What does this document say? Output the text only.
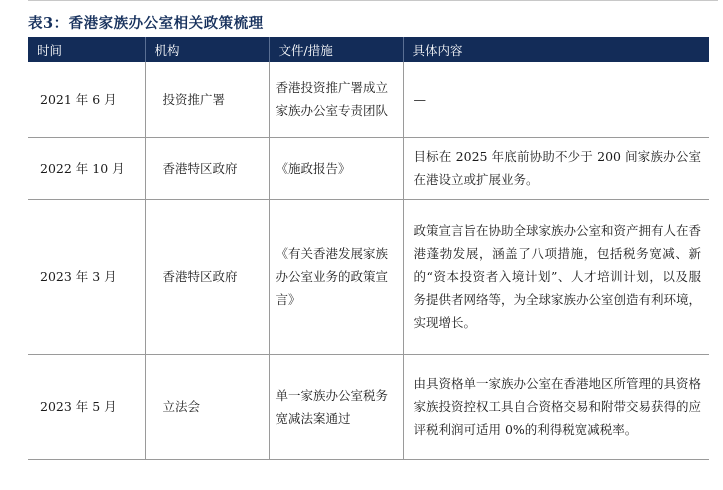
表3：香港家族办公室相关政策梳理
时间	机构	文件/措施	具体内容
2021 年 6 月	投资推广署	香港投资推广署成立家族办公室专责团队	—
2022 年 10 月	香港特区政府	《施政报告》	目标在 2025 年底前协助不少于 200 间家族办公室在港设立或扩展业务。
2023 年 3 月	香港特区政府	《有关香港发展家族办公室业务的政策宣言》	政策宣言旨在协助全球家族办公室和资产拥有人在香港蓬勃发展，涵盖了八项措施，包括税务宽减、新的“资本投资者入境计划”、人才培训计划，以及服务提供者网络等，为全球家族办公室创造有利环境，实现增长。
2023 年 5 月	立法会	单一家族办公室税务宽减法案通过	由具资格单一家族办公室在香港地区所管理的具资格家族投资控权工具自合资格交易和附带交易获得的应评税利润可适用 0%的利得税宽减税率。
